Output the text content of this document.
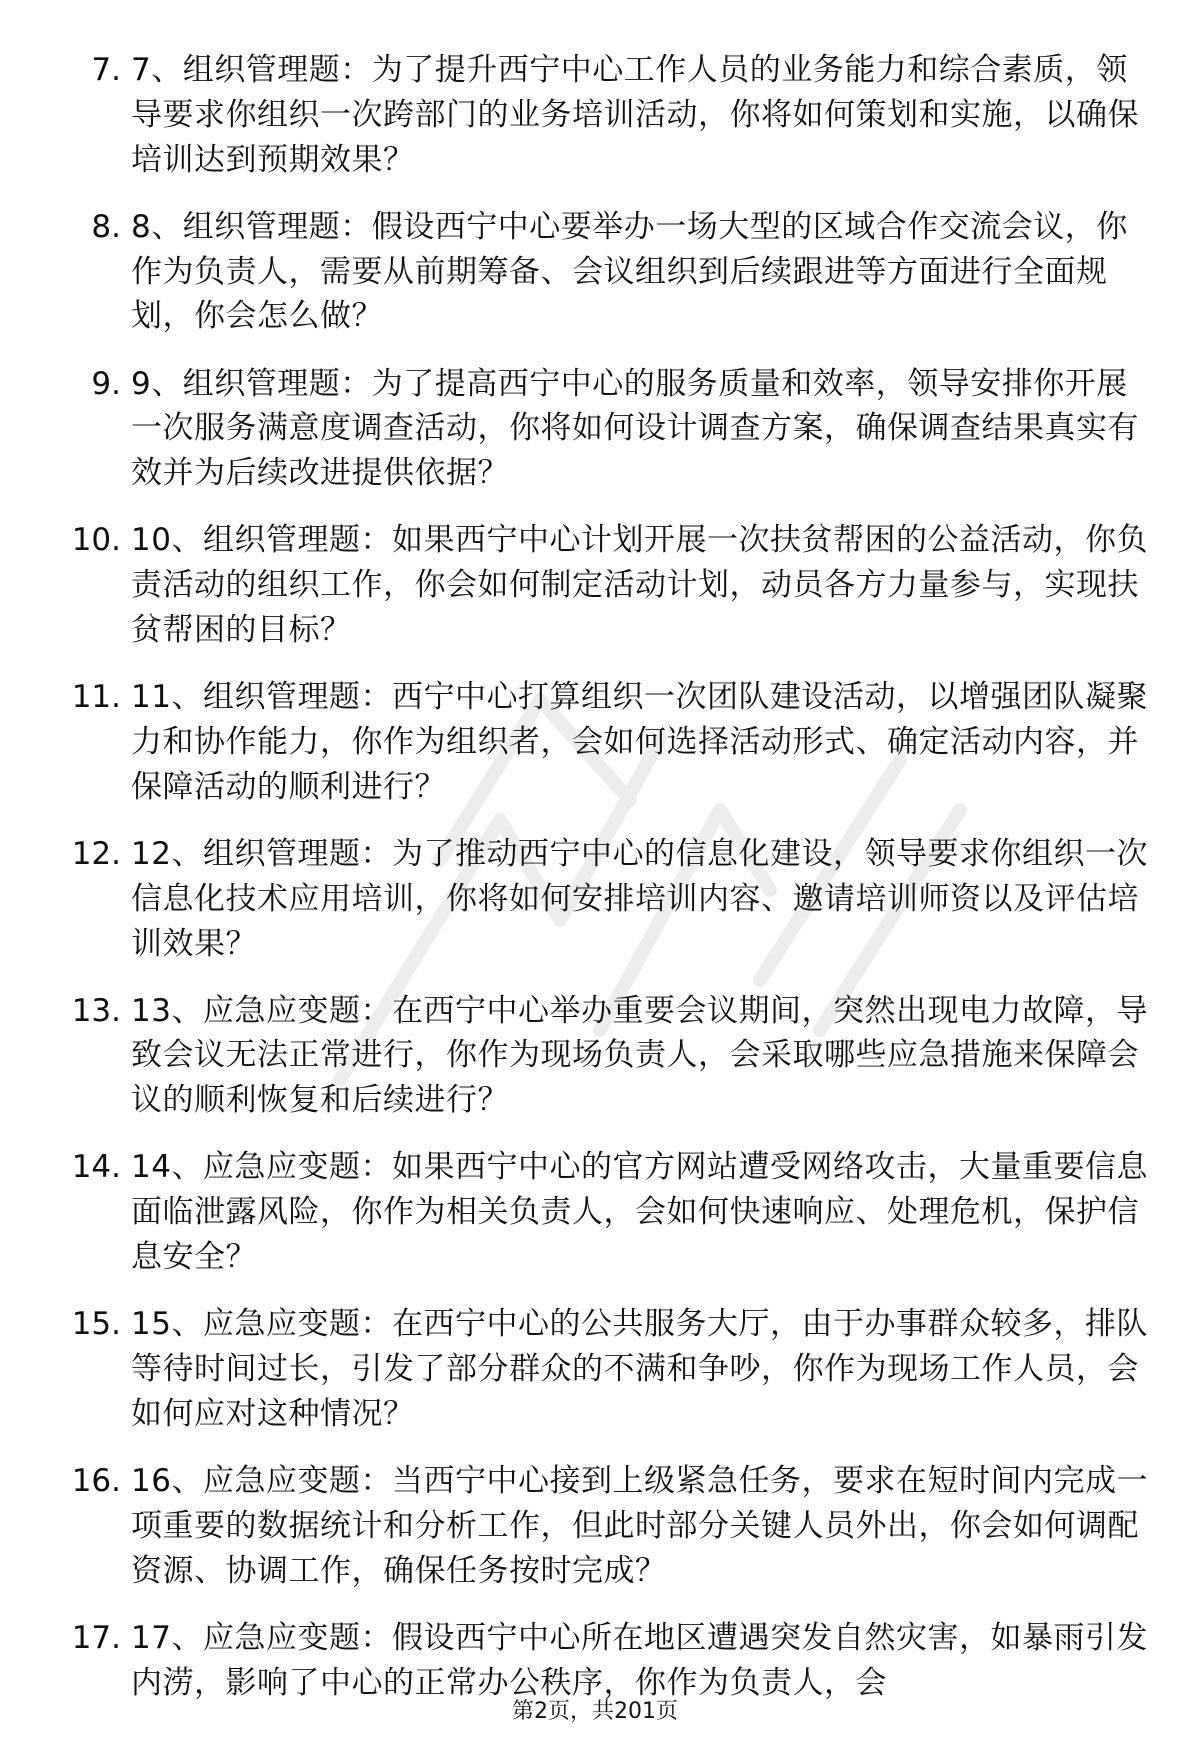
7. 7、组织管理题：为了提升西宁中心工作人员的业务能力和综合素质，领导要求你组织一次跨部门的业务培训活动，你将如何策划和实施，以确保培训达到预期效果？
8. 8、组织管理题：假设西宁中心要举办一场大型的区域合作交流会议，你作为负责人，需要从前期筹备、会议组织到后续跟进等方面进行全面规划，你会怎么做？
9. 9、组织管理题：为了提高西宁中心的服务质量和效率，领导安排你开展一次服务满意度调查活动，你将如何设计调查方案，确保调查结果真实有效并为后续改进提供依据？
10. 10、组织管理题：如果西宁中心计划开展一次扶贫帮困的公益活动，你负责活动的组织工作，你会如何制定活动计划，动员各方力量参与，实现扶贫帮困的目标？
11. 11、组织管理题：西宁中心打算组织一次团队建设活动，以增强团队凝聚力和协作能力，你作为组织者，会如何选择活动形式、确定活动内容，并保障活动的顺利进行？
12. 12、组织管理题：为了推动西宁中心的信息化建设，领导要求你组织一次信息化技术应用培训，你将如何安排培训内容、邀请培训师资以及评估培训效果？
13. 13、应急应变题：在西宁中心举办重要会议期间，突然出现电力故障，导致会议无法正常进行，你作为现场负责人，会采取哪些应急措施来保障会议的顺利恢复和后续进行？
14. 14、应急应变题：如果西宁中心的官方网站遭受网络攻击，大量重要信息面临泄露风险，你作为相关负责人，会如何快速响应、处理危机，保护信息安全？
15. 15、应急应变题：在西宁中心的公共服务大厅，由于办事群众较多，排队等待时间过长，引发了部分群众的不满和争吵，你作为现场工作人员，会如何应对这种情况？
16. 16、应急应变题：当西宁中心接到上级紧急任务，要求在短时间内完成一项重要的数据统计和分析工作，但此时部分关键人员外出，你会如何调配资源、协调工作，确保任务按时完成？
17. 17、应急应变题：假设西宁中心所在地区遭遇突发自然灾害，如暴雨引发内涝，影响了中心的正常办公秩序，你作为负责人，会
第2页，共201页
